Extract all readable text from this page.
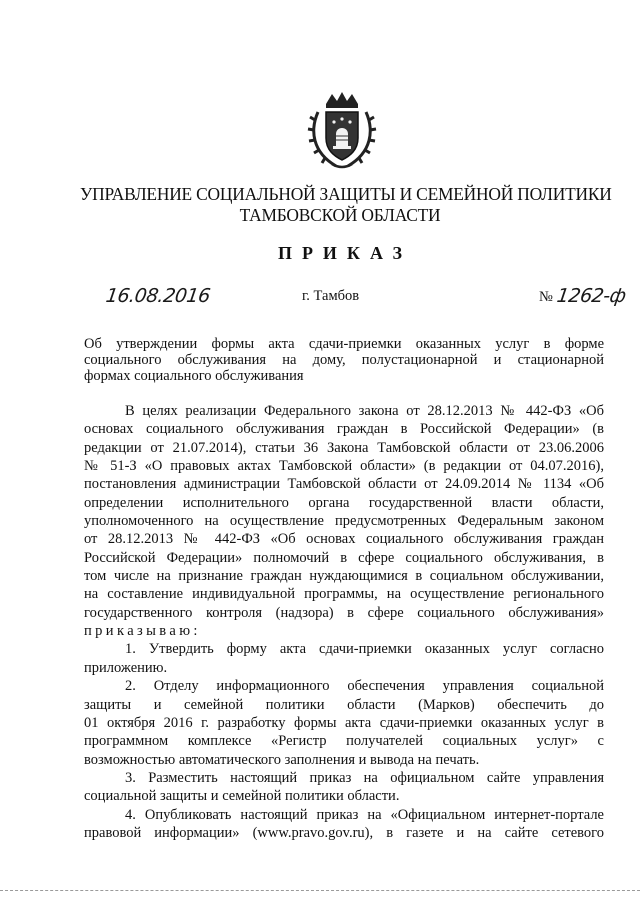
УПРАВЛЕНИЕ СОЦИАЛЬНОЙ ЗАЩИТЫ И СЕМЕЙНОЙ ПОЛИТИКИ
ТАМБОВСКОЙ ОБЛАСТИ
ПРИКАЗ
16.08.2016	г. Тамбов	№ 1262-ф
Об утверждении формы акта сдачи-приемки оказанных услуг в форме
социального обслуживания на дому, полустационарной и стационарной
формах социального обслуживания
В целях реализации Федерального закона от 28.12.2013 № 442-ФЗ «Об
основах социального обслуживания граждан в Российской Федерации» (в
редакции от 21.07.2014), статьи 36 Закона Тамбовской области от 23.06.2006
№ 51-З «О правовых актах Тамбовской области» (в редакции от 04.07.2016),
постановления администрации Тамбовской области от 24.09.2014 № 1134 «Об
определении исполнительного органа государственной власти области,
уполномоченного на осуществление предусмотренных Федеральным законом
от 28.12.2013 № 442-ФЗ «Об основах социального обслуживания граждан
Российской Федерации» полномочий в сфере социального обслуживания, в
том числе на признание граждан нуждающимися в социальном обслуживании,
на составление индивидуальной программы, на осуществление регионального
государственного контроля (надзора) в сфере социального обслуживания»
приказываю:
1. Утвердить форму акта сдачи-приемки оказанных услуг согласно
приложению.
2. Отделу информационного обеспечения управления социальной
защиты и семейной политики области (Марков) обеспечить до
01 октября 2016 г. разработку формы акта сдачи-приемки оказанных услуг в
программном комплексе «Регистр получателей социальных услуг» с
возможностью автоматического заполнения и вывода на печать.
3. Разместить настоящий приказ на официальном сайте управления
социальной защиты и семейной политики области.
4. Опубликовать настоящий приказ на «Официальном интернет-портале
правовой информации» (www.pravo.gov.ru), в газете и на сайте сетевого
